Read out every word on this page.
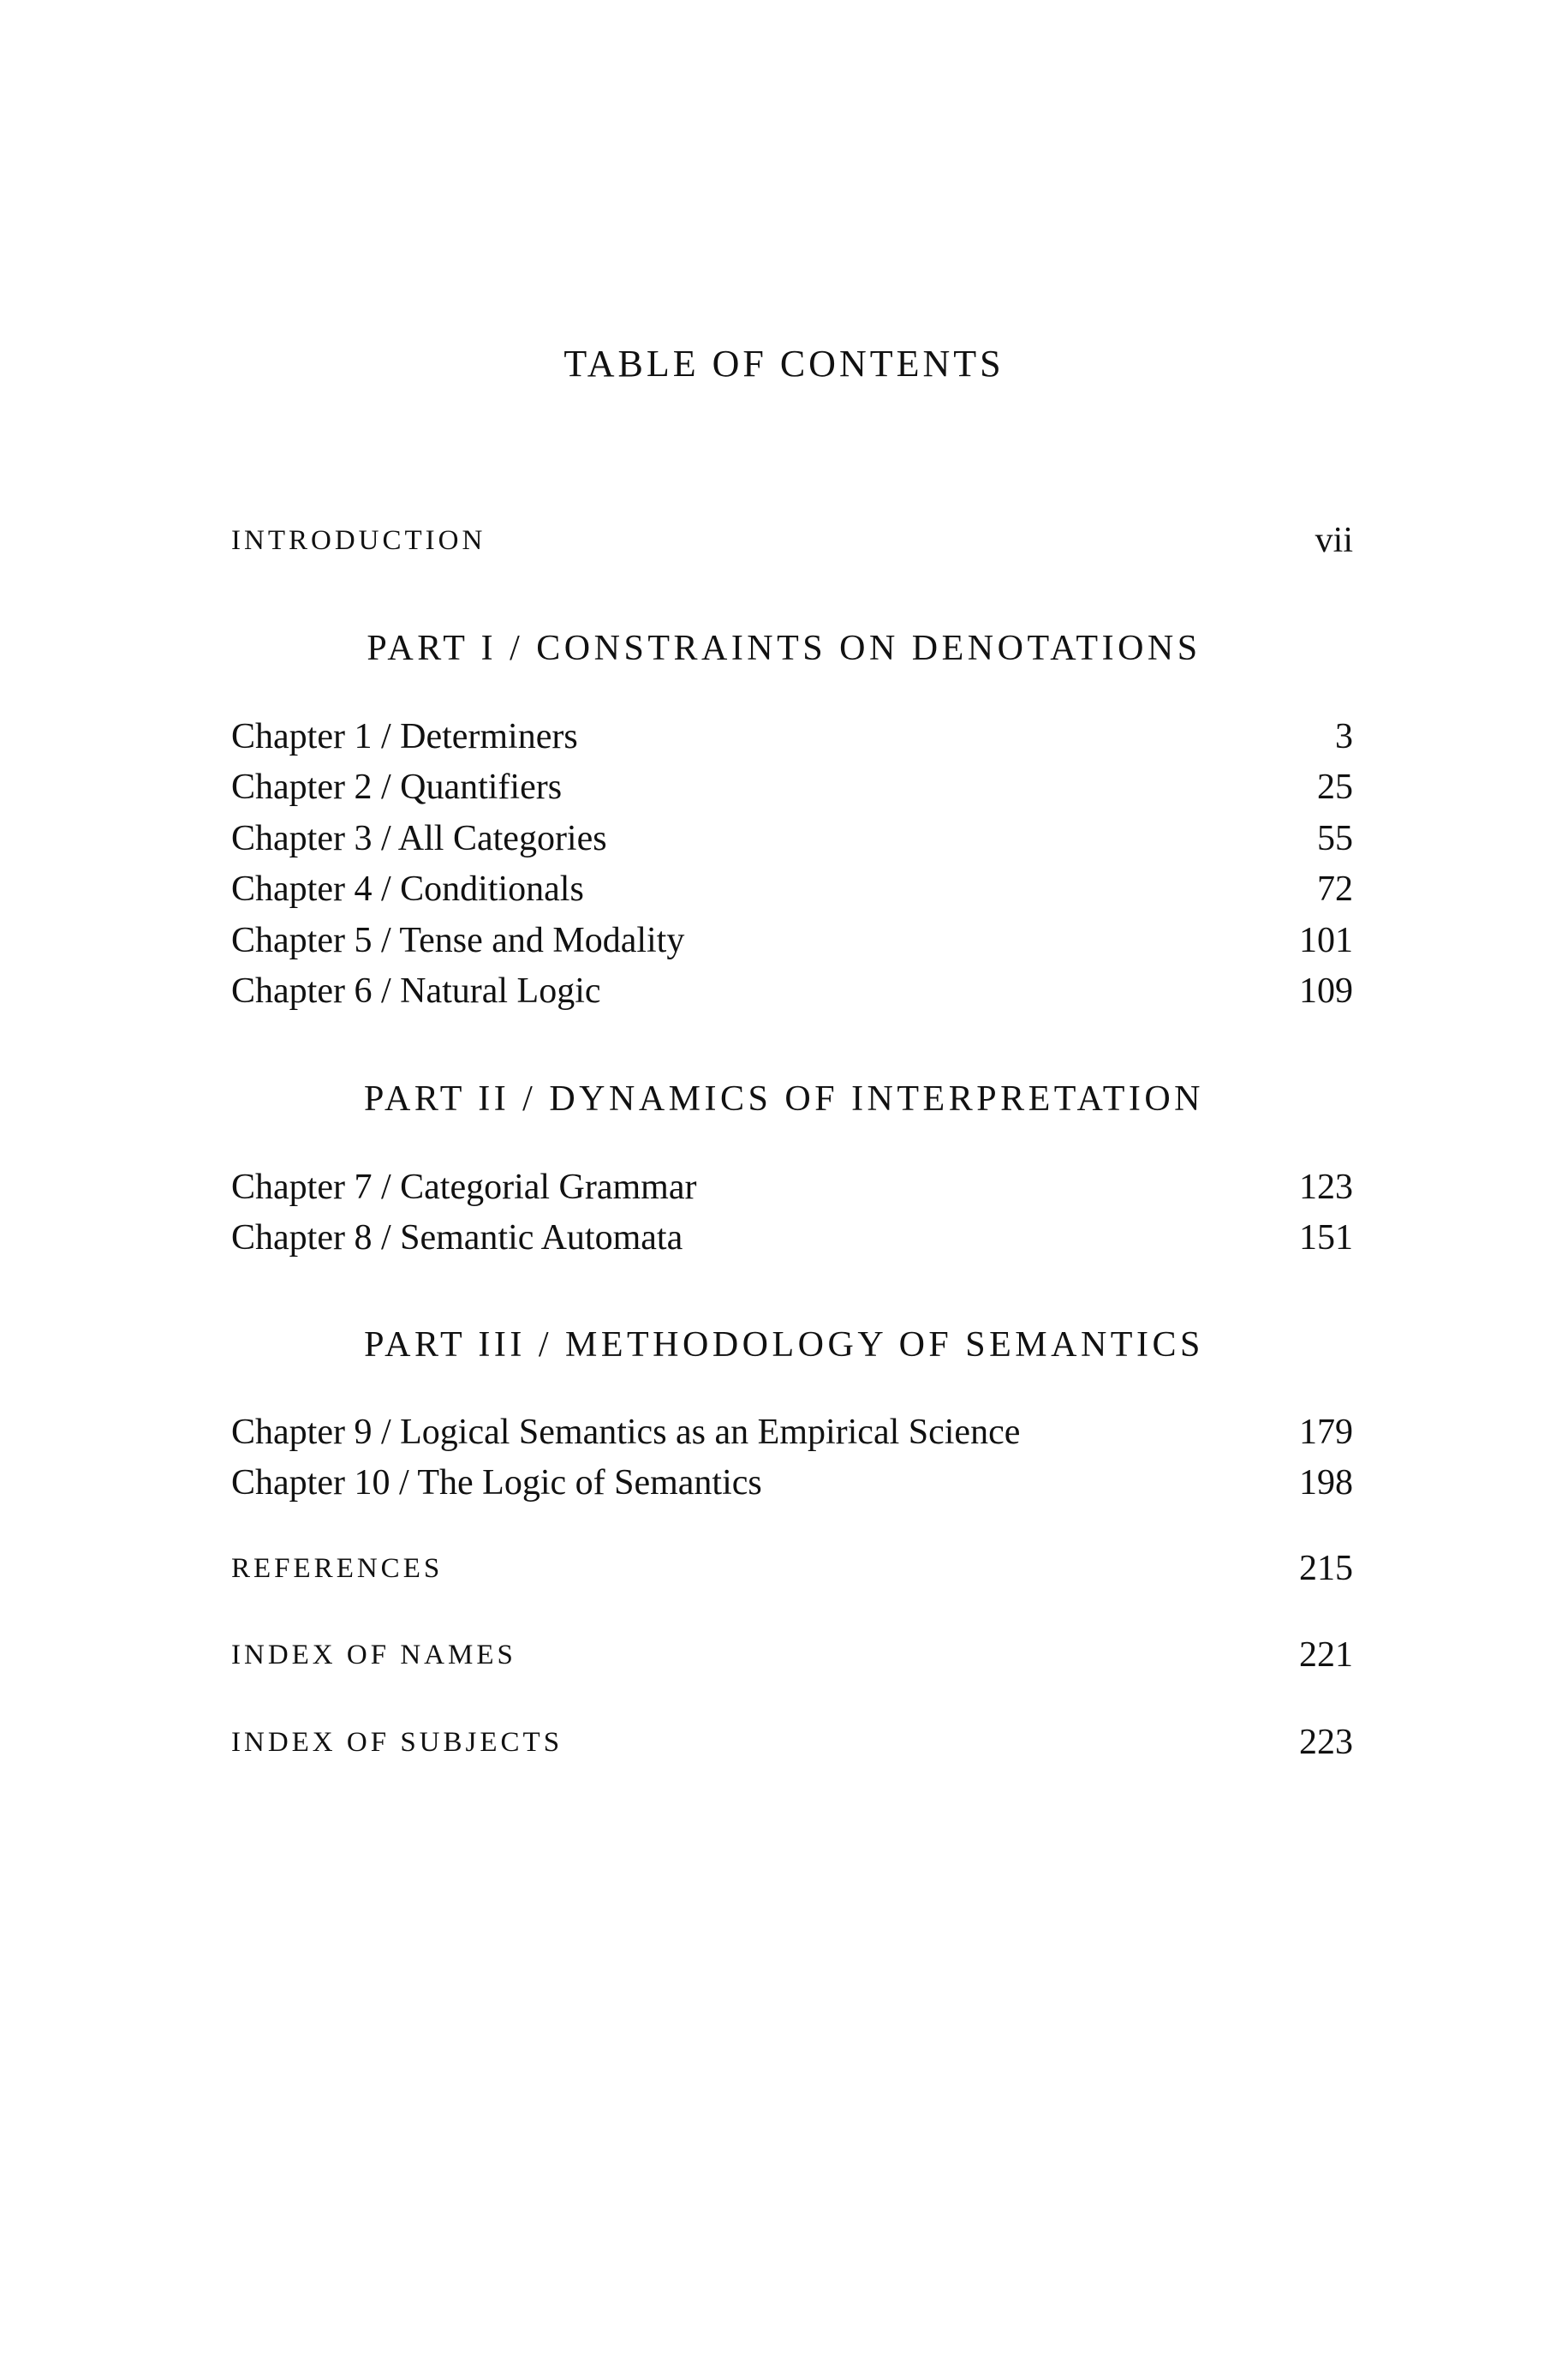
TABLE OF CONTENTS
INTRODUCTION	vii
PART I / CONSTRAINTS ON DENOTATIONS
Chapter 1 / Determiners	3
Chapter 2 / Quantifiers	25
Chapter 3 / All Categories	55
Chapter 4 / Conditionals	72
Chapter 5 / Tense and Modality	101
Chapter 6 / Natural Logic	109
PART II / DYNAMICS OF INTERPRETATION
Chapter 7 / Categorial Grammar	123
Chapter 8 / Semantic Automata	151
PART III / METHODOLOGY OF SEMANTICS
Chapter 9 / Logical Semantics as an Empirical Science	179
Chapter 10 / The Logic of Semantics	198
REFERENCES	215
INDEX OF NAMES	221
INDEX OF SUBJECTS	223
